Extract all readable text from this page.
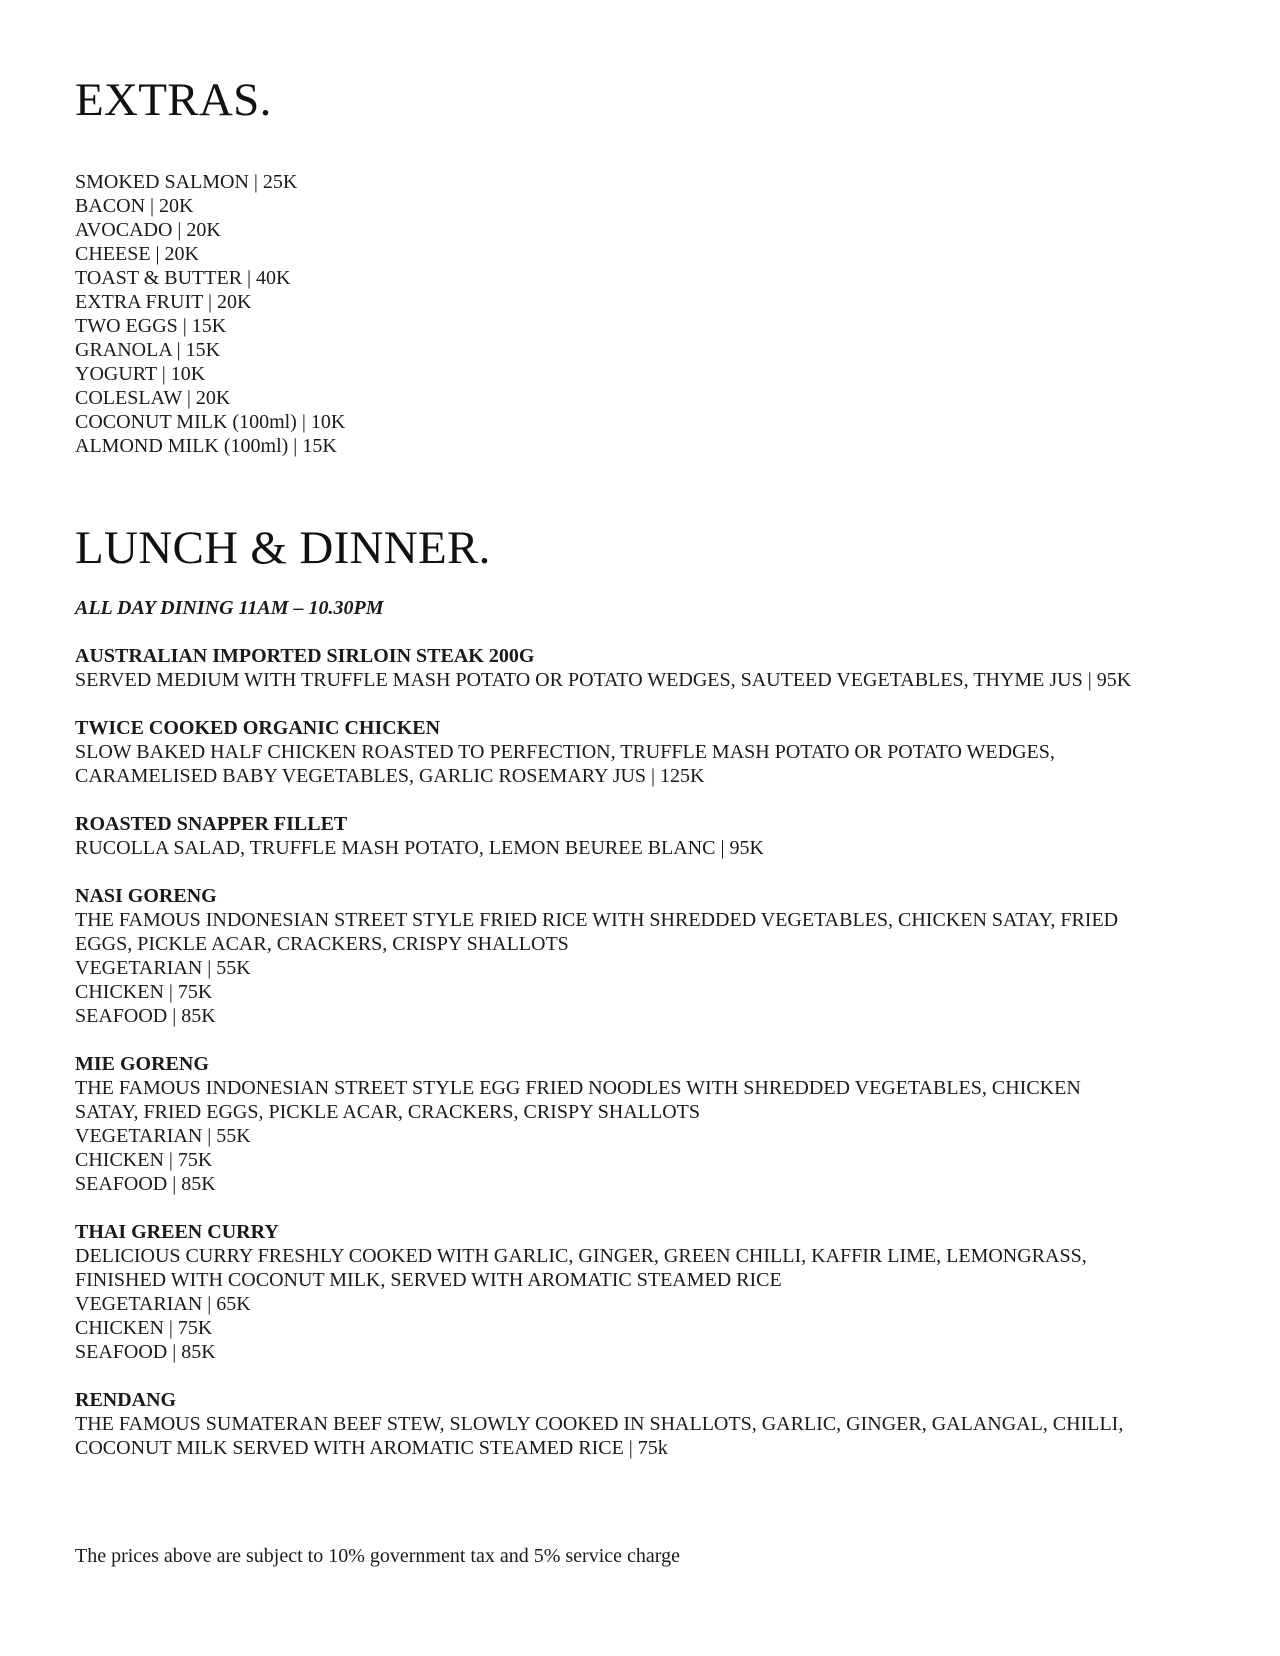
EXTRAS.
SMOKED SALMON | 25K
BACON | 20K
AVOCADO | 20K
CHEESE | 20K
TOAST & BUTTER | 40K
EXTRA FRUIT | 20K
TWO EGGS | 15K
GRANOLA | 15K
YOGURT | 10K
COLESLAW | 20K
COCONUT MILK (100ml) | 10K
ALMOND MILK (100ml) | 15K
LUNCH & DINNER.
ALL DAY DINING 11AM – 10.30PM
AUSTRALIAN IMPORTED SIRLOIN STEAK 200G
SERVED MEDIUM WITH TRUFFLE MASH POTATO OR POTATO WEDGES, SAUTEED VEGETABLES, THYME JUS | 95K
TWICE COOKED ORGANIC CHICKEN
SLOW BAKED HALF CHICKEN ROASTED TO PERFECTION, TRUFFLE MASH POTATO OR POTATO WEDGES,
CARAMELISED BABY VEGETABLES, GARLIC ROSEMARY JUS | 125K
ROASTED SNAPPER FILLET
RUCOLLA SALAD, TRUFFLE MASH POTATO, LEMON BEUREE BLANC | 95K
NASI GORENG
THE FAMOUS INDONESIAN STREET STYLE FRIED RICE WITH SHREDDED VEGETABLES, CHICKEN SATAY, FRIED
EGGS, PICKLE ACAR, CRACKERS, CRISPY SHALLOTS
VEGETARIAN | 55K
CHICKEN | 75K
SEAFOOD | 85K
MIE GORENG
THE FAMOUS INDONESIAN STREET STYLE EGG FRIED NOODLES WITH SHREDDED VEGETABLES, CHICKEN
SATAY, FRIED EGGS, PICKLE ACAR, CRACKERS, CRISPY SHALLOTS
VEGETARIAN | 55K
CHICKEN | 75K
SEAFOOD | 85K
THAI GREEN CURRY
DELICIOUS CURRY FRESHLY COOKED WITH GARLIC, GINGER, GREEN CHILLI, KAFFIR LIME, LEMONGRASS,
FINISHED WITH COCONUT MILK, SERVED WITH AROMATIC STEAMED RICE
VEGETARIAN | 65K
CHICKEN | 75K
SEAFOOD | 85K
RENDANG
THE FAMOUS SUMATERAN BEEF STEW, SLOWLY COOKED IN SHALLOTS, GARLIC, GINGER, GALANGAL, CHILLI,
COCONUT MILK SERVED WITH AROMATIC STEAMED RICE | 75k
The prices above are subject to 10% government tax and 5% service charge
